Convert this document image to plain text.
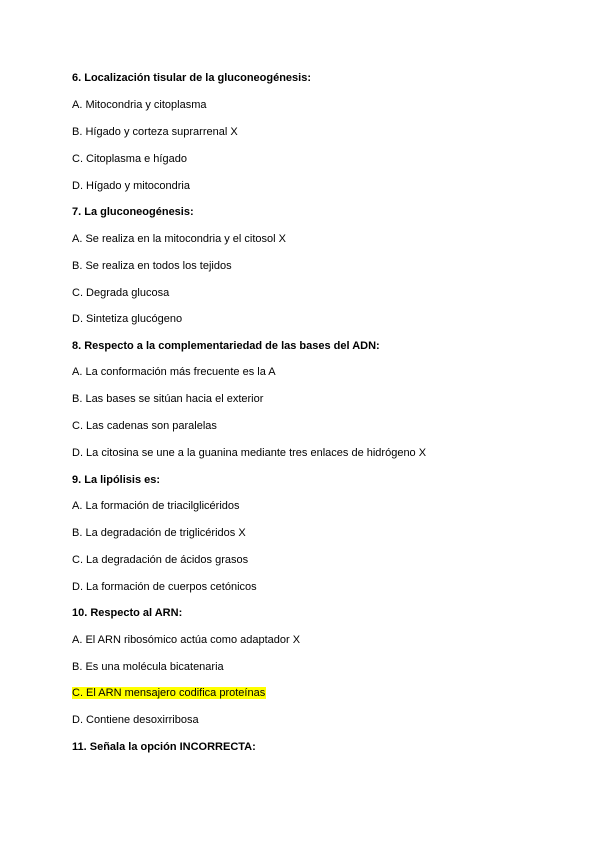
6. Localización tisular de la gluconeogénesis:
A. Mitocondria y citoplasma
B. Hígado y corteza suprarrenal X
C. Citoplasma e hígado
D. Hígado y mitocondria
7. La gluconeogénesis:
A. Se realiza en la mitocondria y el citosol X
B. Se realiza en todos los tejidos
C. Degrada glucosa
D. Sintetiza glucógeno
8. Respecto a la complementariedad de las bases del ADN:
A. La conformación más frecuente es la A
B. Las bases se sitúan hacia el exterior
C. Las cadenas son paralelas
D. La citosina se une a la guanina mediante tres enlaces de hidrógeno X
9. La lipólisis es:
A. La formación de triacilglicéridos
B. La degradación de triglicéridos X
C. La degradación de ácidos grasos
D. La formación de cuerpos cetónicos
10. Respecto al ARN:
A. El ARN ribosómico actúa como adaptador X
B. Es una molécula bicatenaria
C. El ARN mensajero codifica proteínas
D. Contiene desoxirribosa
11. Señala la opción INCORRECTA:
